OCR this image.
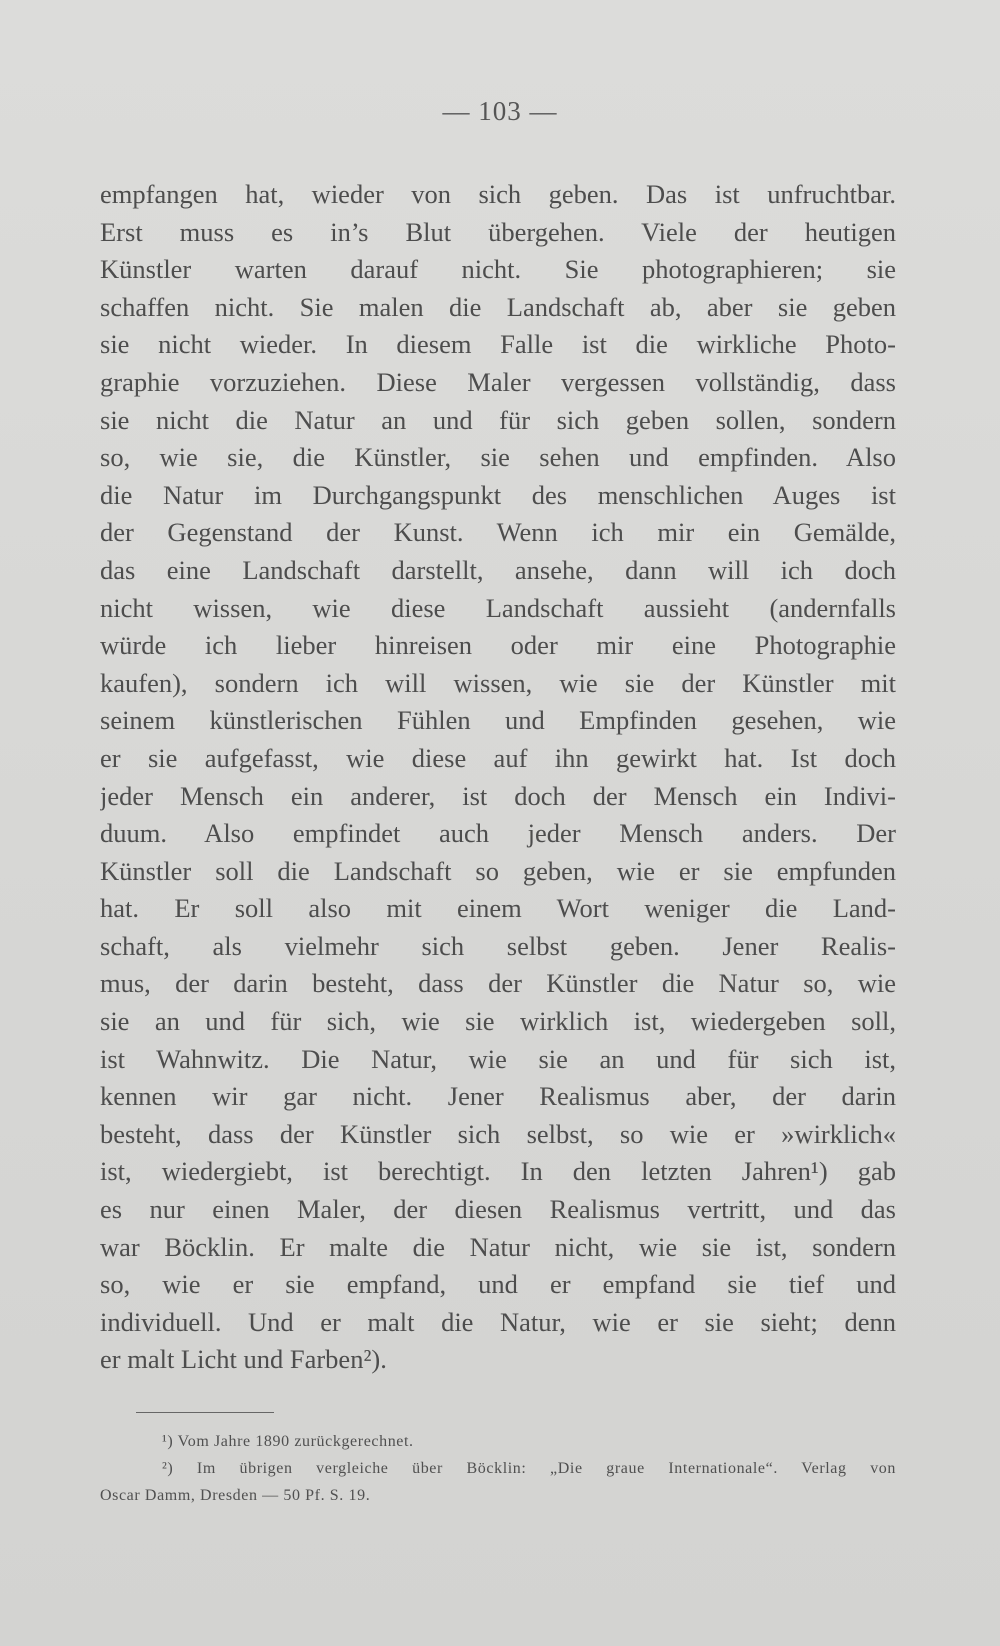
— 103 —
empfangen hat, wieder von sich geben. Das ist unfruchtbar.
Erst muss es in’s Blut übergehen. Viele der heutigen
Künstler warten darauf nicht. Sie photographieren; sie
schaffen nicht. Sie malen die Landschaft ab, aber sie geben
sie nicht wieder. In diesem Falle ist die wirkliche Photo-
graphie vorzuziehen. Diese Maler vergessen vollständig, dass
sie nicht die Natur an und für sich geben sollen, sondern
so, wie sie, die Künstler, sie sehen und empfinden. Also
die Natur im Durchgangspunkt des menschlichen Auges ist
der Gegenstand der Kunst. Wenn ich mir ein Gemälde,
das eine Landschaft darstellt, ansehe, dann will ich doch
nicht wissen, wie diese Landschaft aussieht (andernfalls
würde ich lieber hinreisen oder mir eine Photographie
kaufen), sondern ich will wissen, wie sie der Künstler mit
seinem künstlerischen Fühlen und Empfinden gesehen, wie
er sie aufgefasst, wie diese auf ihn gewirkt hat. Ist doch
jeder Mensch ein anderer, ist doch der Mensch ein Indivi-
duum. Also empfindet auch jeder Mensch anders. Der
Künstler soll die Landschaft so geben, wie er sie empfunden
hat. Er soll also mit einem Wort weniger die Land-
schaft, als vielmehr sich selbst geben. Jener Realis-
mus, der darin besteht, dass der Künstler die Natur so, wie
sie an und für sich, wie sie wirklich ist, wiedergeben soll,
ist Wahnwitz. Die Natur, wie sie an und für sich ist,
kennen wir gar nicht. Jener Realismus aber, der darin
besteht, dass der Künstler sich selbst, so wie er »wirklich«
ist, wiedergiebt, ist berechtigt. In den letzten Jahren¹) gab
es nur einen Maler, der diesen Realismus vertritt, und das
war Böcklin. Er malte die Natur nicht, wie sie ist, sondern
so, wie er sie empfand, und er empfand sie tief und
individuell. Und er malt die Natur, wie er sie sieht; denn
er malt Licht und Farben²).
¹) Vom Jahre 1890 zurückgerechnet.
²) Im übrigen vergleiche über Böcklin: „Die graue Internationale“. Verlag von
Oscar Damm, Dresden — 50 Pf. S. 19.
